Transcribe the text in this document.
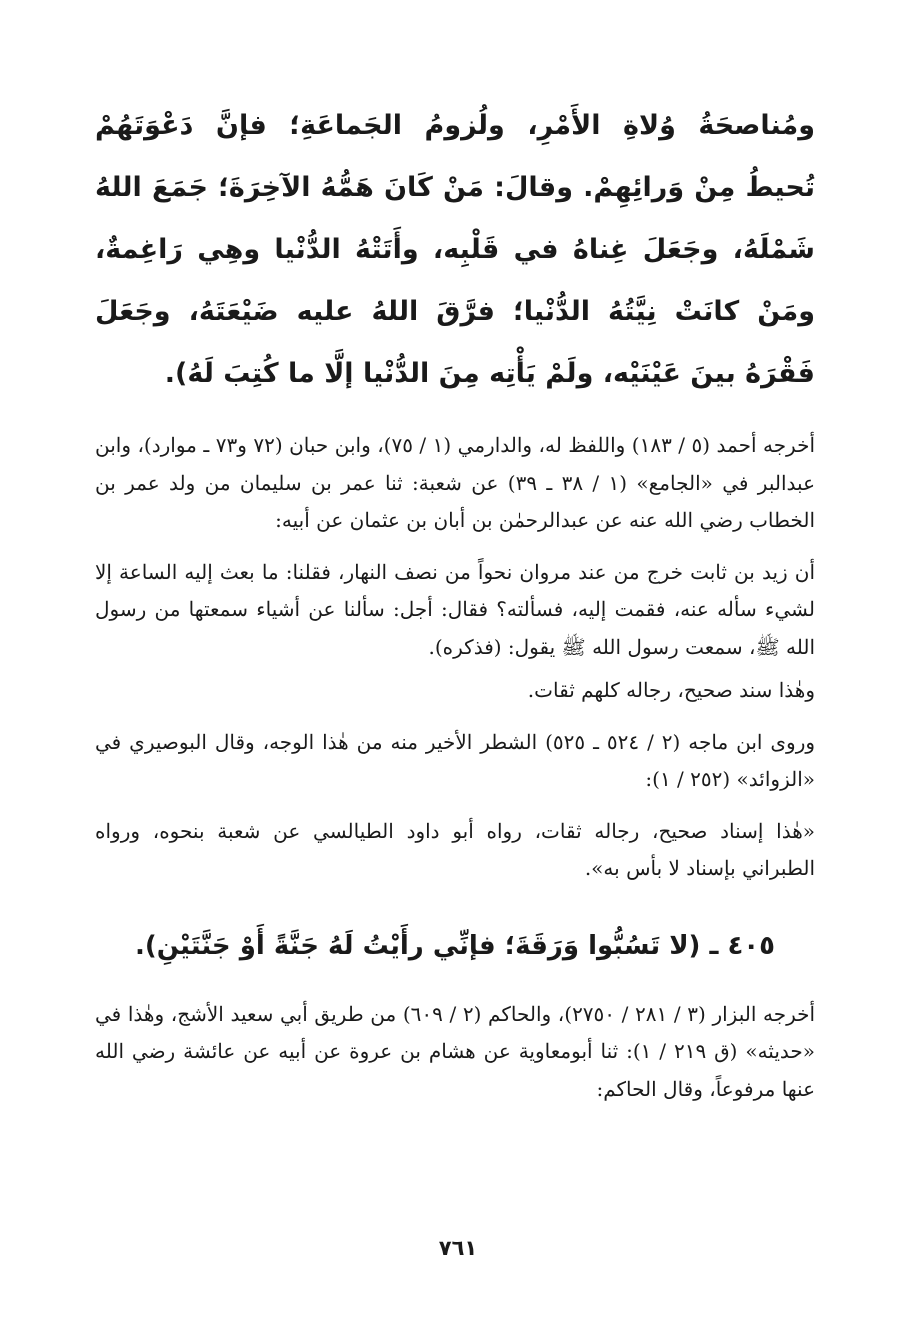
ومُناصحَةُ وُلاةِ الأَمْرِ، ولُزومُ الجَماعَةِ؛ فإنَّ دَعْوَتَهُمْ تُحيطُ مِنْ وَرائِهِمْ. وقالَ: مَنْ كَانَ هَمُّهُ الآخِرَةَ؛ جَمَعَ اللهُ شَمْلَهُ، وجَعَلَ غِناهُ في قَلْبِه، وأَتَتْهُ الدُّنْيا وهِي رَاغِمةٌ، ومَنْ كانَتْ نِيَّتُهُ الدُّنْيا؛ فرَّقَ اللهُ عليه ضَيْعَتَهُ، وجَعَلَ فَقْرَهُ بينَ عَيْنَيْه، ولَمْ يَأْتِه مِنَ الدُّنْيا إلَّا ما كُتِبَ لَهُ).

أخرجه أحمد (٥ / ١٨٣) واللفظ له، والدارمي (١ / ٧٥)، وابن حبان (٧٢ و٧٣ ـ موارد)، وابن عبدالبر في «الجامع» (١ / ٣٨ ـ ٣٩) عن شعبة: ثنا عمر بن سليمان من ولد عمر بن الخطاب رضي الله عنه عن عبدالرحمٰن بن أبان بن عثمان عن أبيه:

أن زيد بن ثابت خرج من عند مروان نحواً من نصف النهار، فقلنا: ما بعث إليه الساعة إلا لشيء سأله عنه، فقمت إليه، فسألته؟ فقال: أجل: سألنا عن أشياء سمعتها من رسول الله ﷺ، سمعت رسول الله ﷺ يقول: (فذكره).

وهٰذا سند صحيح، رجاله كلهم ثقات.

وروى ابن ماجه (٢ / ٥٢٤ ـ ٥٢٥) الشطر الأخير منه من هٰذا الوجه، وقال البوصيري في «الزوائد» (٢٥٢ / ١):

«هٰذا إسناد صحيح، رجاله ثقات، رواه أبو داود الطيالسي عن شعبة بنحوه، ورواه الطبراني بإسناد لا بأس به».

٤٠٥ ـ (لا تَسُبُّوا وَرَقَةَ؛ فإنِّي رأَيْتُ لَهُ جَنَّةً أَوْ جَنَّتَيْنِ).

أخرجه البزار (٣ / ٢٨١ / ٢٧٥٠)، والحاكم (٢ / ٦٠٩) من طريق أبي سعيد الأشج، وهٰذا في «حديثه» (ق ٢١٩ / ١): ثنا أبومعاوية عن هشام بن عروة عن أبيه عن عائشة رضي الله عنها مرفوعاً، وقال الحاكم:

٧٦١
